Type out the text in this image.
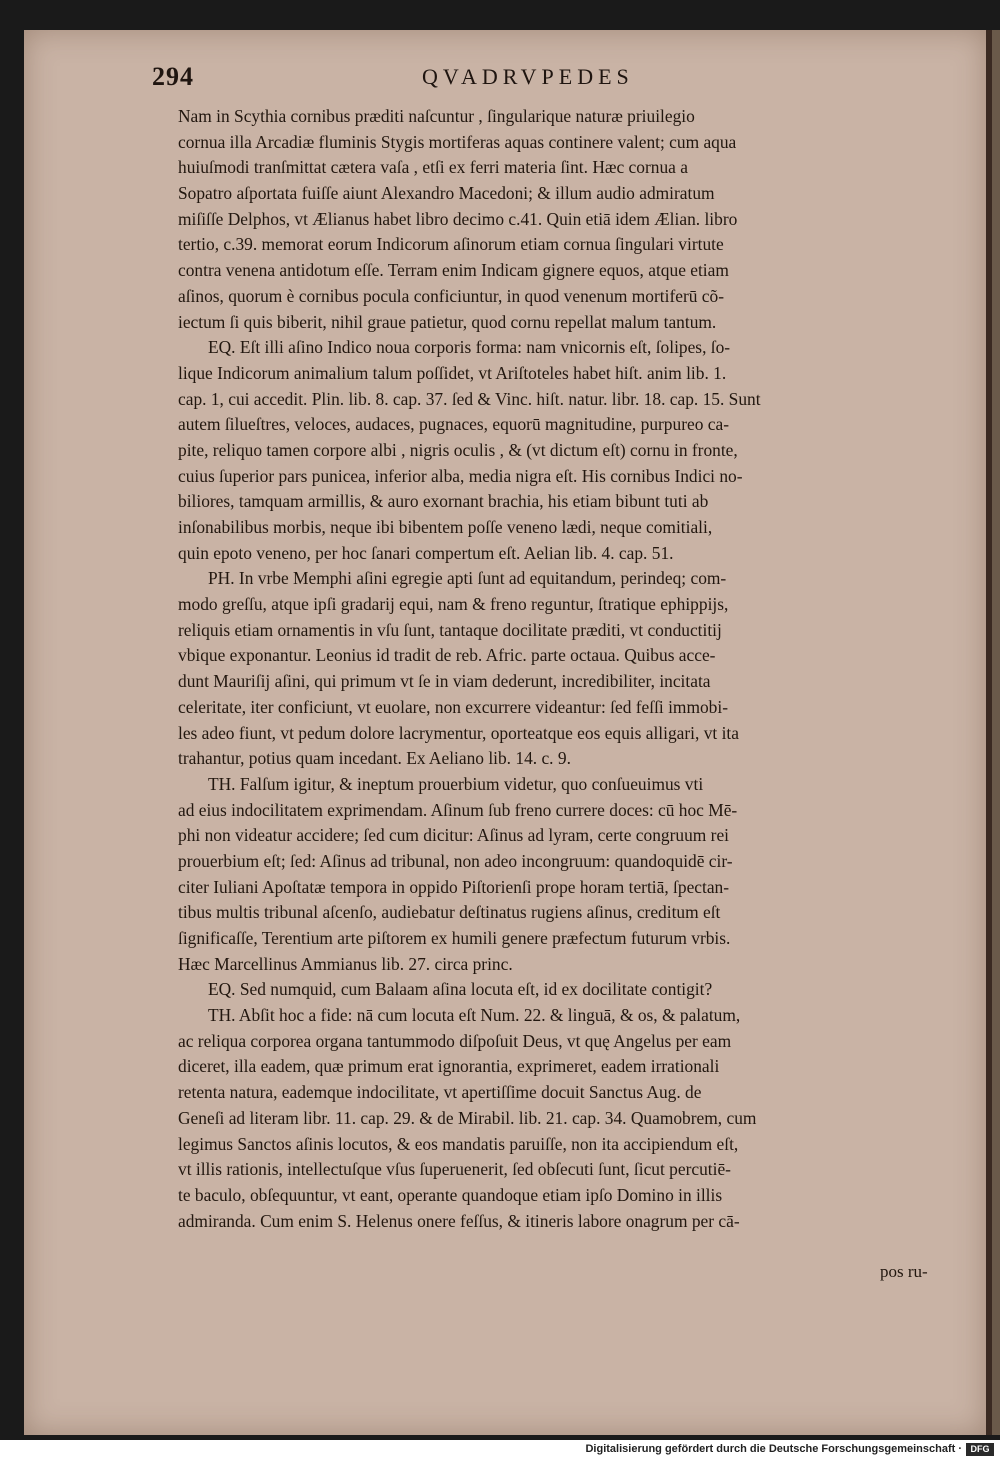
294	QVADRVPEDES
Nam in Scythia cornibus præditi naſcuntur , ſingularique naturæ priuilegio
cornua illa Arcadiæ fluminis Stygis mortiferas aquas continere valent; cum aqua
huiuſmodi tranſmittat cætera vaſa , etſi ex ferri materia ſint. Hæc cornua a
Sopatro aſportata fuiſſe aiunt Alexandro Macedoni; & illum audio admiratum
miſiſſe Delphos, vt Ælianus habet libro decimo c.41. Quin etiā idem Ælian. libro
tertio, c.39. memorat eorum Indicorum aſinorum etiam cornua ſingulari virtute
contra venena antidotum eſſe. Terram enim Indicam gignere equos, atque etiam
aſinos, quorum è cornibus pocula conficiuntur, in quod venenum mortiferū cõ-
iectum ſi quis biberit, nihil graue patietur, quod cornu repellat malum tantum.
EQ. Eſt illi aſino Indico noua corporis forma: nam vnicornis eſt, ſolipes, ſo-
lique Indicorum animalium talum poſſidet, vt Ariſtoteles habet hiſt. anim lib. 1.
cap. 1, cui accedit. Plin. lib. 8. cap. 37. ſed & Vinc. hiſt. natur. libr. 18. cap. 15. Sunt
autem ſilueſtres, veloces, audaces, pugnaces, equorū magnitudine, purpureo ca-
pite, reliquo tamen corpore albi , nigris oculis , & (vt dictum eſt) cornu in fronte,
cuius ſuperior pars punicea, inferior alba, media nigra eſt. His cornibus Indici no-
biliores, tamquam armillis, & auro exornant brachia, his etiam bibunt tuti ab
inſonabilibus morbis, neque ibi bibentem poſſe veneno lædi, neque comitiali,
quin epoto veneno, per hoc ſanari compertum eſt. Aelian lib. 4. cap. 51.
PH. In vrbe Memphi aſini egregie apti ſunt ad equitandum, perindeq; com-
modo greſſu, atque ipſi gradarij equi, nam & freno reguntur, ſtratique ephippijs,
reliquis etiam ornamentis in vſu ſunt, tantaque docilitate præditi, vt conductitij
vbique exponantur. Leonius id tradit de reb. Afric. parte octaua. Quibus acce-
dunt Mauriſij aſini, qui primum vt ſe in viam dederunt, incredibiliter, incitata
celeritate, iter conficiunt, vt euolare, non excurrere videantur: ſed feſſi immobi-
les adeo fiunt, vt pedum dolore lacrymentur, oporteatque eos equis alligari, vt ita
trahantur, potius quam incedant. Ex Aeliano lib. 14. c. 9.
TH. Falſum igitur, & ineptum prouerbium videtur, quo conſueuimus vti
ad eius indocilitatem exprimendam. Aſinum ſub freno currere doces: cū hoc Mē-
phi non videatur accidere; ſed cum dicitur: Aſinus ad lyram, certe congruum rei
prouerbium eſt; ſed: Aſinus ad tribunal, non adeo incongruum: quandoquidē cir-
citer Iuliani Apoſtatæ tempora in oppido Piſtorienſi prope horam tertiā, ſpectan-
tibus multis tribunal aſcenſo, audiebatur deſtinatus rugiens aſinus, creditum eſt
ſignificaſſe, Terentium arte piſtorem ex humili genere præfectum futurum vrbis.
Hæc Marcellinus Ammianus lib. 27. circa princ.
EQ. Sed numquid, cum Balaam aſina locuta eſt, id ex docilitate contigit?
TH. Abſit hoc a fide: nā cum locuta eſt Num. 22. & linguā, & os, & palatum,
ac reliqua corporea organa tantummodo diſpoſuit Deus, vt quę Angelus per eam
diceret, illa eadem, quæ primum erat ignorantia, exprimeret, eadem irrationali
retenta natura, eademque indocilitate, vt apertiſſime docuit Sanctus Aug. de
Geneſi ad literam libr. 11. cap. 29. & de Mirabil. lib. 21. cap. 34. Quamobrem, cum
legimus Sanctos aſinis locutos, & eos mandatis paruiſſe, non ita accipiendum eſt,
vt illis rationis, intellectuſque vſus ſuperuenerit, ſed obſecuti ſunt, ſicut percutiē-
te baculo, obſequuntur, vt eant, operante quandoque etiam ipſo Domino in illis
admiranda. Cum enim S. Helenus onere feſſus, & itineris labore onagrum per cā-
pos ru-
Digitalisierung gefördert durch die Deutsche Forschungsgemeinschaft · DFG
